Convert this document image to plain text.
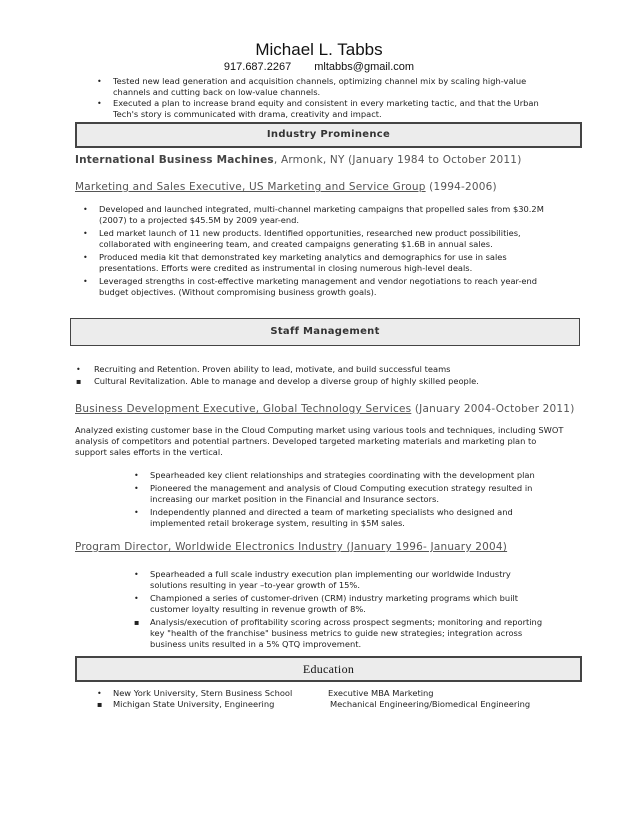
Michael L. Tabbs
917.687.2267 mltabbs@gmail.com
• Tested new lead generation and acquisition channels, optimizing channel mix by scaling high-value channels and cutting back on low-value channels.
• Executed a plan to increase brand equity and consistent in every marketing tactic, and that the Urban Tech's story is communicated with drama, creativity and impact.
Industry Prominence
International Business Machines, Armonk, NY (January 1984 to October 2011)
Marketing and Sales Executive, US Marketing and Service Group (1994-2006)
• Developed and launched integrated, multi-channel marketing campaigns that propelled sales from $30.2M (2007) to a projected $45.5M by 2009 year-end.
• Led market launch of 11 new products. Identified opportunities, researched new product possibilities, collaborated with engineering team, and created campaigns generating $1.6B in annual sales.
• Produced media kit that demonstrated key marketing analytics and demographics for use in sales presentations. Efforts were credited as instrumental in closing numerous high-level deals.
• Leveraged strengths in cost-effective marketing management and vendor negotiations to reach year-end budget objectives. (Without compromising business growth goals).
Staff Management
• Recruiting and Retention. Proven ability to lead, motivate, and build successful teams
▪ Cultural Revitalization. Able to manage and develop a diverse group of highly skilled people.
Business Development Executive, Global Technology Services (January 2004-October 2011)
Analyzed existing customer base in the Cloud Computing market using various tools and techniques, including SWOT analysis of competitors and potential partners. Developed targeted marketing materials and marketing plan to support sales efforts in the vertical.
• Spearheaded key client relationships and strategies coordinating with the development plan
• Pioneered the management and analysis of Cloud Computing execution strategy resulted in increasing our market position in the Financial and Insurance sectors.
• Independently planned and directed a team of marketing specialists who designed and implemented retail brokerage system, resulting in $5M sales.
Program Director, Worldwide Electronics Industry (January 1996- January 2004)
• Spearheaded a full scale industry execution plan implementing our worldwide Industry solutions resulting in year –to-year growth of 15%.
• Championed a series of customer-driven (CRM) industry marketing programs which built customer loyalty resulting in revenue growth of 8%.
▪ Analysis/execution of profitability scoring across prospect segments; monitoring and reporting key "health of the franchise" business metrics to guide new strategies; integration across business units resulted in a 5% QTQ improvement.
Education
• New York University, Stern Business School	Executive MBA Marketing
▪ Michigan State University, Engineering	Mechanical Engineering/Biomedical Engineering
